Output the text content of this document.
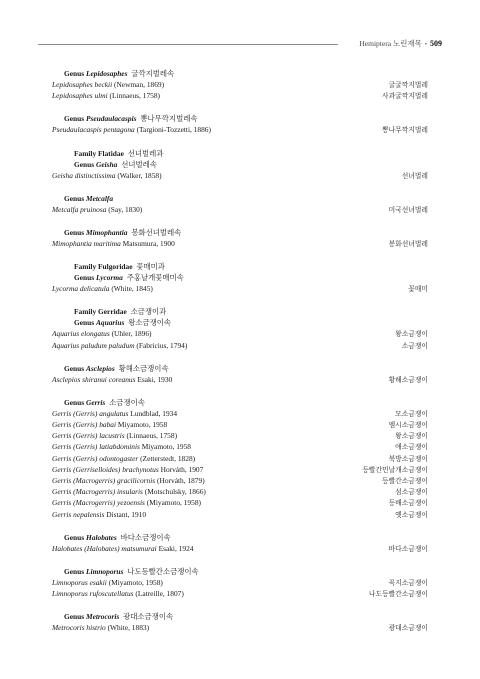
Hemiptera 노린재목 • 509
Genus Lepidosaphes 굴깍지벌레속
Lepidosaphes beckii (Newman, 1869)	굴굴깍지벌레
Lepidosaphes ulmi (Linnaeus, 1758)	사과굴깍지벌레
Genus Pseudaulacaspis 뽕나무깍지벌레속
Pseudaulacaspis pentagona (Targioni-Tozzetti, 1886)	뽕나무깍지벌레
Family Flatidae 선녀벌레과
Genus Geisha 선녀벌레속
Geisha distinctissima (Walker, 1858)	선녀벌레
Genus Metcalfa
Metcalfa pruinosa (Say, 1830)	미국선녀벌레
Genus Mimophantia 봉화선녀벌레속
Mimophantia maritima Matsumura, 1900	봉화선녀벌레
Family Fulgoridae 꽃매미과
Genus Lycorma 주홍날개꽃매미속
Lycorma delicatula (White, 1845)	꽃매미
Family Gerridae 소금쟁이과
Genus Aquarius 왕소금쟁이속
Aquarius elongatus (Uhler, 1896)	왕소금쟁이
Aquarius paludum paludum (Fabricius, 1794)	소금쟁이
Genus Asclepios 황해소금쟁이속
Asclepios shiranui coreanus Esaki, 1930	황해소금쟁이
Genus Gerris 소금쟁이속
Gerris (Gerris) angulatus Lundblad, 1934	모소금쟁이
Gerris (Gerris) babai Miyamoto, 1958	엠시소금쟁이
Gerris (Gerris) lacustris (Linnaeus, 1758)	왕소금쟁이
Gerris (Gerris) latiabdominis Miyamoto, 1958	애소금쟁이
Gerris (Gerris) odontogaster (Zetterstedt, 1828)	북방소금쟁이
Gerris (Gerriselloides) brachynotus Horváth, 1907	등빨간민날개소금쟁이
Gerris (Macrogerris) gracilicornis (Horváth, 1879)	등빨간소금쟁이
Gerris (Macrogerris) insularis (Motschulsky, 1866)	섬소금쟁이
Gerris (Macrogerris) yezoensis (Miyamoto, 1958)	등배소금쟁이
Gerris nepalensis Distant, 1910	옛소금쟁이
Genus Halobates 바다소금쟁이속
Halobates (Halobates) matsumurai Esaki, 1924	바다소금쟁이
Genus Limnoporus 나도등빨간소금쟁이속
Limnoporus esakii (Miyamoto, 1958)	꼭지소금쟁이
Limnoporus rufoscutellatus (Latreille, 1807)	나도등빨간소금쟁이
Genus Metrocoris 광대소금쟁이속
Metrocoris histrio (White, 1883)	광대소금쟁이
